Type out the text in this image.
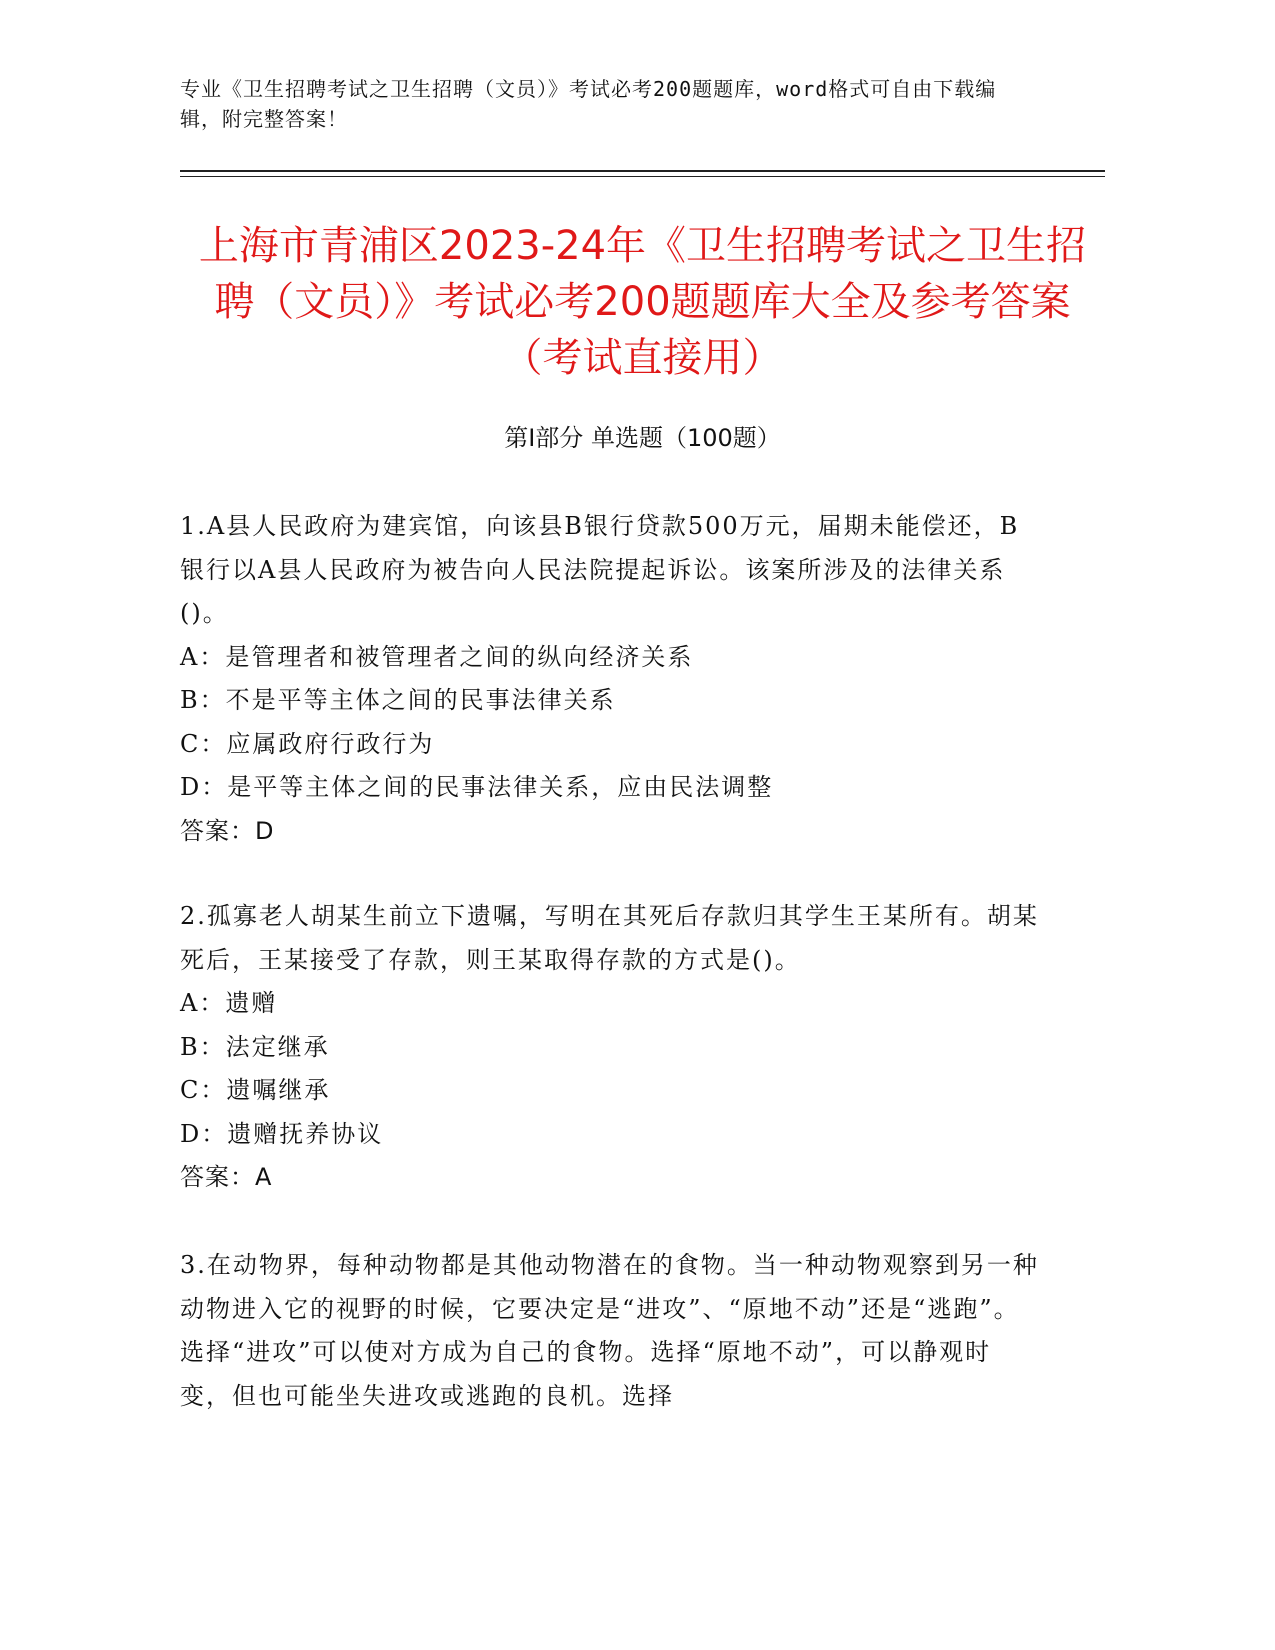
专业《卫生招聘考试之卫生招聘（文员）》考试必考200题题库，word格式可自由下载编辑，附完整答案！
上海市青浦区2023-24年《卫生招聘考试之卫生招聘（文员）》考试必考200题题库大全及参考答案（考试直接用）
第Ⅰ部分 单选题（100题）

1.A县人民政府为建宾馆，向该县B银行贷款500万元，届期未能偿还，B银行以A县人民政府为被告向人民法院提起诉讼。该案所涉及的法律关系()。

A：是管理者和被管理者之间的纵向经济关系

B：不是平等主体之间的民事法律关系

C：应属政府行政行为

D：是平等主体之间的民事法律关系，应由民法调整

答案：D

2.孤寡老人胡某生前立下遗嘱，写明在其死后存款归其学生王某所有。胡某死后，王某接受了存款，则王某取得存款的方式是()。

A：遗赠

B：法定继承

C：遗嘱继承

D：遗赠抚养协议

答案：A

3.在动物界，每种动物都是其他动物潜在的食物。当一种动物观察到另一种动物进入它的视野的时候，它要决定是“进攻”、“原地不动”还是“逃跑”。选择“进攻”可以使对方成为自己的食物。选择“原地不动”，可以静观时变，但也可能坐失进攻或逃跑的良机。选择
